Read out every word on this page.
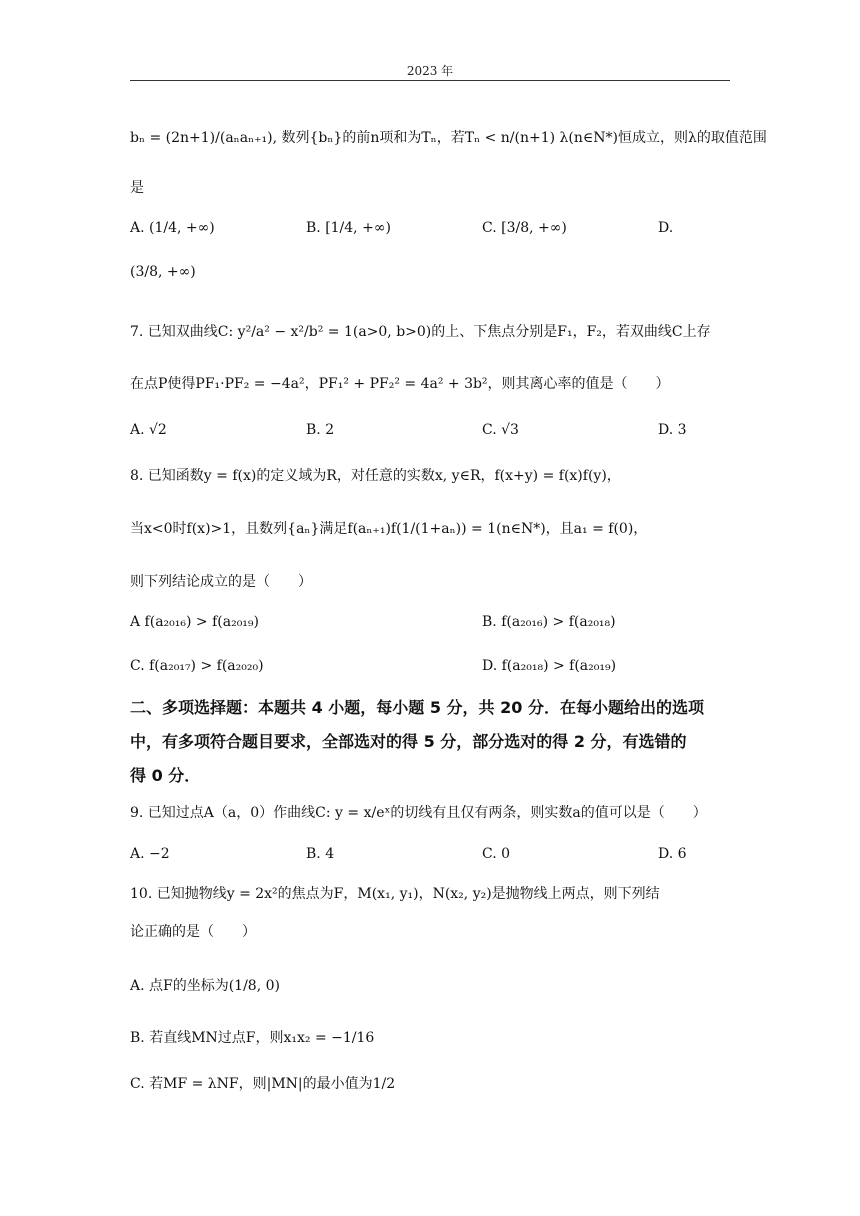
2023 年
bₙ = (2n+1)/(aₙaₙ₊₁), 数列{bₙ}的前n项和为Tₙ，若Tₙ < n/(n+1) λ(n∈N*)恒成立，则λ的取值范围
是
A. (1/4, +∞)	B. [1/4, +∞)	C. [3/8, +∞)	D.
(3/8, +∞)
7. 已知双曲线C: y²/a² − x²/b² = 1(a>0, b>0)的上、下焦点分别是F₁，F₂，若双曲线C上存
在点P使得PF₁·PF₂ = −4a²，PF₁² + PF₂² = 4a² + 3b²，则其离心率的值是（　　）
A. √2	B. 2	C. √3	D. 3
8. 已知函数y = f(x)的定义域为R，对任意的实数x, y∈R，f(x+y) = f(x)f(y)，
当x<0时f(x)>1，且数列{aₙ}满足f(aₙ₊₁)f(1/(1+aₙ)) = 1(n∈N*)，且a₁ = f(0)，
则下列结论成立的是（　　）
A f(a₂₀₁₆) > f(a₂₀₁₉)	B. f(a₂₀₁₆) > f(a₂₀₁₈)
C. f(a₂₀₁₇) > f(a₂₀₂₀)	D. f(a₂₀₁₈) > f(a₂₀₁₉)
二、多项选择题：本题共 4 小题，每小题 5 分，共 20 分．在每小题给出的选项
中，有多项符合题目要求，全部选对的得 5 分，部分选对的得 2 分，有选错的
得 0 分．
9. 已知过点A（a，0）作曲线C: y = x/eˣ的切线有且仅有两条，则实数a的值可以是（　　）
A. −2	B. 4	C. 0	D. 6
10. 已知抛物线y = 2x²的焦点为F，M(x₁, y₁)，N(x₂, y₂)是抛物线上两点，则下列结
论正确的是（　　）
A. 点F的坐标为(1/8, 0)
B. 若直线MN过点F，则x₁x₂ = −1/16
C. 若MF = λNF，则|MN|的最小值为1/2
